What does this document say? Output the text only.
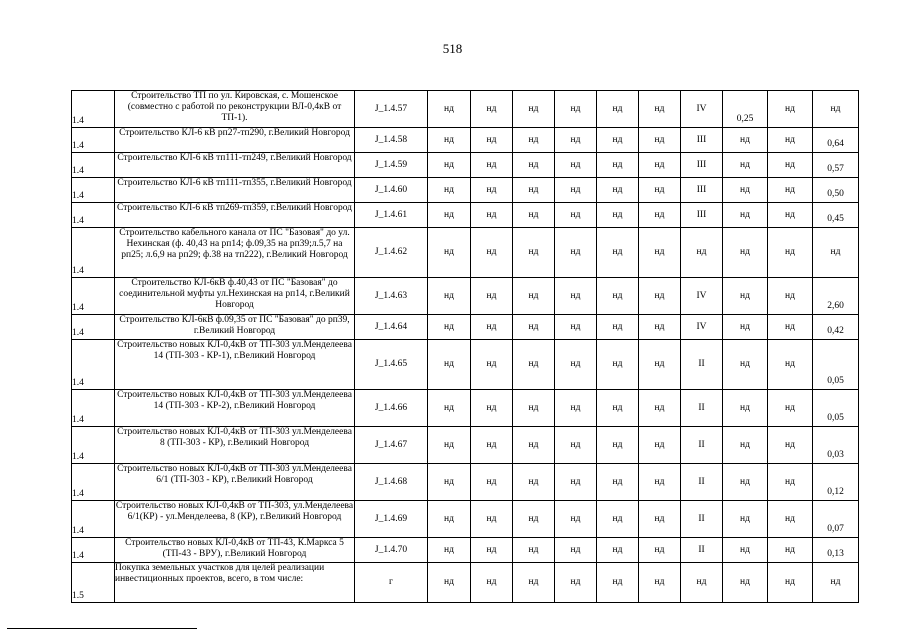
518
1.4	Строительство ТП по ул. Кировская, с. Мошенское (совместно с работой по реконструкции ВЛ-0,4кВ от ТП-1).	J_1.4.57	нд	нд	нд	нд	нд	нд	IV	0,25	нд	нд
1.4	Строительство КЛ-6 кВ рп27-тп290, г.Великий Новгород	J_1.4.58	нд	нд	нд	нд	нд	нд	III	нд	нд	0,64
1.4	Строительство КЛ-6 кВ тп111-тп249, г.Великий Новгород	J_1.4.59	нд	нд	нд	нд	нд	нд	III	нд	нд	0,57
1.4	Строительство КЛ-6 кВ тп111-тп355, г.Великий Новгород	J_1.4.60	нд	нд	нд	нд	нд	нд	III	нд	нд	0,50
1.4	Строительство КЛ-6 кВ тп269-тп359, г.Великий Новгород	J_1.4.61	нд	нд	нд	нд	нд	нд	III	нд	нд	0,45
1.4	Строительство кабельного канала от ПС "Базовая" до ул. Нехинская (ф. 40,43 на рп14; ф.09,35 на рп39;л.5,7 на рп25; л.6,9 на рп29; ф.38 на тп222), г.Великий Новгород	J_1.4.62	нд	нд	нд	нд	нд	нд	нд	нд	нд	нд
1.4	Строительство КЛ-6кВ ф.40,43 от ПС "Базовая" до соединительной муфты ул.Нехинская на рп14, г.Великий Новгород	J_1.4.63	нд	нд	нд	нд	нд	нд	IV	нд	нд	2,60
1.4	Строительство КЛ-6кВ ф.09,35 от ПС "Базовая" до рп39, г.Великий Новгород	J_1.4.64	нд	нд	нд	нд	нд	нд	IV	нд	нд	0,42
1.4	Строительство новых КЛ-0,4кВ от ТП-303 ул.Менделеева 14 (ТП-303 - КР-1), г.Великий Новгород	J_1.4.65	нд	нд	нд	нд	нд	нд	II	нд	нд	0,05
1.4	Строительство новых КЛ-0,4кВ от ТП-303 ул.Менделеева 14 (ТП-303 - КР-2), г.Великий Новгород	J_1.4.66	нд	нд	нд	нд	нд	нд	II	нд	нд	0,05
1.4	Строительство новых КЛ-0,4кВ от ТП-303 ул.Менделеева 8 (ТП-303 - КР), г.Великий Новгород	J_1.4.67	нд	нд	нд	нд	нд	нд	II	нд	нд	0,03
1.4	Строительство новых КЛ-0,4кВ от ТП-303 ул.Менделеева 6/1 (ТП-303 - КР), г.Великий Новгород	J_1.4.68	нд	нд	нд	нд	нд	нд	II	нд	нд	0,12
1.4	Строительство новых КЛ-0,4кВ от ТП-303, ул.Менделеева 6/1(КР) - ул.Менделеева, 8 (КР), г.Великий Новгород	J_1.4.69	нд	нд	нд	нд	нд	нд	II	нд	нд	0,07
1.4	Строительство новых КЛ-0,4кВ от ТП-43, К.Маркса 5 (ТП-43 - ВРУ), г.Великий Новгород	J_1.4.70	нд	нд	нд	нд	нд	нд	II	нд	нд	0,13
1.5	Покупка земельных участков для целей реализации инвестиционных проектов, всего, в том числе:	г	нд	нд	нд	нд	нд	нд	нд	нд	нд	нд
